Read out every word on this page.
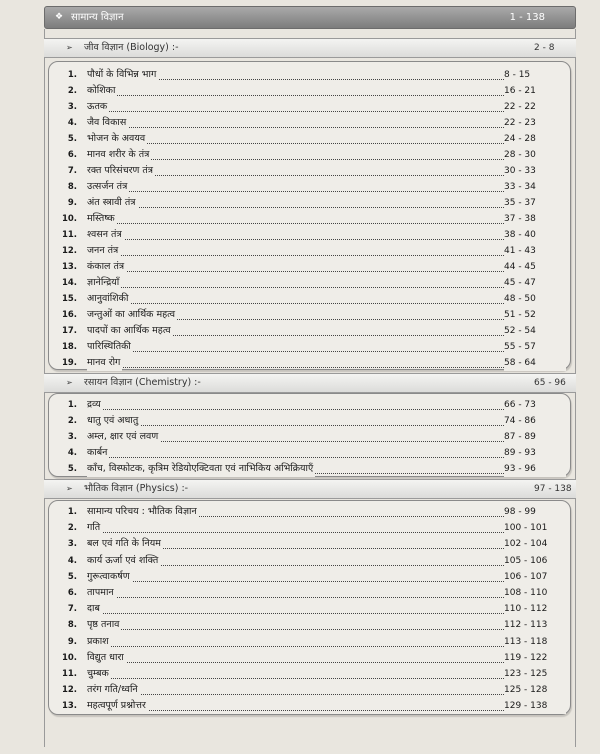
❖ सामान्य विज्ञान	1 - 138
➢ जीव विज्ञान (Biology) :-	2 - 8
1. पौधों के विभिन्न भाग	8 - 15
2. कोशिका	16 - 21
3. ऊतक	22 - 22
4. जैव विकास	22 - 23
5. भोजन के अवयव	24 - 28
6. मानव शरीर के तंत्र	28 - 30
7. रक्त परिसंचरण तंत्र	30 - 33
8. उत्सर्जन तंत्र	33 - 34
9. अंत स्त्रावी तंत्र	35 - 37
10. मस्तिष्क	37 - 38
11. श्वसन तंत्र	38 - 40
12. जनन तंत्र	41 - 43
13. कंकाल तंत्र	44 - 45
14. ज्ञानेन्द्रियाँ	45 - 47
15. आनुवांशिकी	48 - 50
16. जन्तुओं का आर्थिक महत्व	51 - 52
17. पादपों का आर्थिक महत्व	52 - 54
18. पारिस्थितिकी	55 - 57
19. मानव रोग	58 - 64
➢ रसायन विज्ञान (Chemistry) :-	65 - 96
1. द्रव्य	66 - 73
2. धातु एवं अधातु	74 - 86
3. अम्ल, क्षार एवं लवण	87 - 89
4. कार्बन	89 - 93
5. काँच, विस्फोटक, कृत्रिम रेडियोएक्टिवता एवं नाभिकिय अभिक्रियाएँ	93 - 96
➢ भौतिक विज्ञान (Physics) :-	97 - 138
1. सामान्य परिचय : भौतिक विज्ञान	98 - 99
2. गति	100 - 101
3. बल एवं गति के नियम	102 - 104
4. कार्य ऊर्जा एवं शक्ति	105 - 106
5. गुरूत्वाकर्षण	106 - 107
6. तापमान	108 - 110
7. दाब	110 - 112
8. पृष्ठ तनाव	112 - 113
9. प्रकाश	113 - 118
10. विद्युत धारा	119 - 122
11. चुम्बक	123 - 125
12. तरंग गति/ध्वनि	125 - 128
13. महत्वपूर्ण प्रश्नोत्तर	129 - 138
